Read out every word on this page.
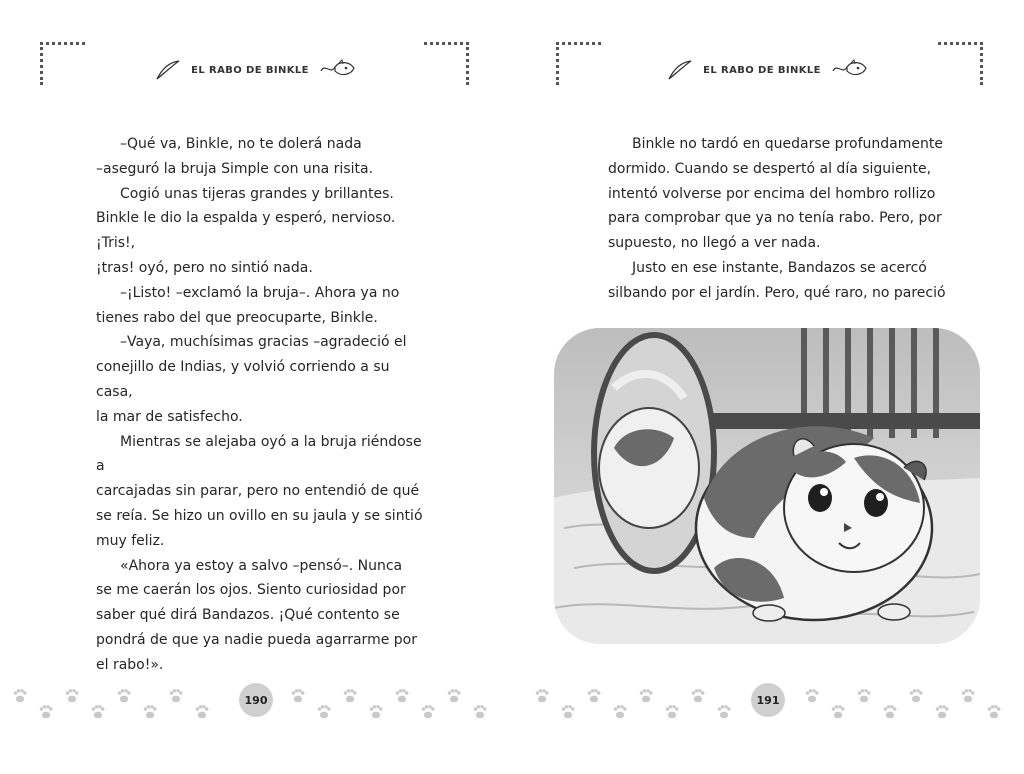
EL RABO DE BINKLE

–Qué va, Binkle, no te dolerá nada

–aseguró la bruja Simple con una risita.

Cogió unas tijeras grandes y brillantes.

Binkle le dio la espalda y esperó, nervioso. ¡Tris!,

¡tras! oyó, pero no sintió nada.

–¡Listo! –exclamó la bruja–. Ahora ya no

tienes rabo del que preocuparte, Binkle.

–Vaya, muchísimas gracias –agradeció el

conejillo de Indias, y volvió corriendo a su casa,

la mar de satisfecho.

Mientras se alejaba oyó a la bruja riéndose a

carcajadas sin parar, pero no entendió de qué

se reía. Se hizo un ovillo en su jaula y se sintió

muy feliz.

«Ahora ya estoy a salvo –pensó–. Nunca

se me caerán los ojos. Siento curiosidad por

saber qué dirá Bandazos. ¡Qué contento se

pondrá de que ya nadie pueda agarrarme por

el rabo!».

190
EL RABO DE BINKLE

Binkle no tardó en quedarse profundamente

dormido. Cuando se despertó al día siguiente,

intentó volverse por encima del hombro rollizo

para comprobar que ya no tenía rabo. Pero, por

supuesto, no llegó a ver nada.

Justo en ese instante, Bandazos se acercó

silbando por el jardín. Pero, qué raro, no pareció

191
